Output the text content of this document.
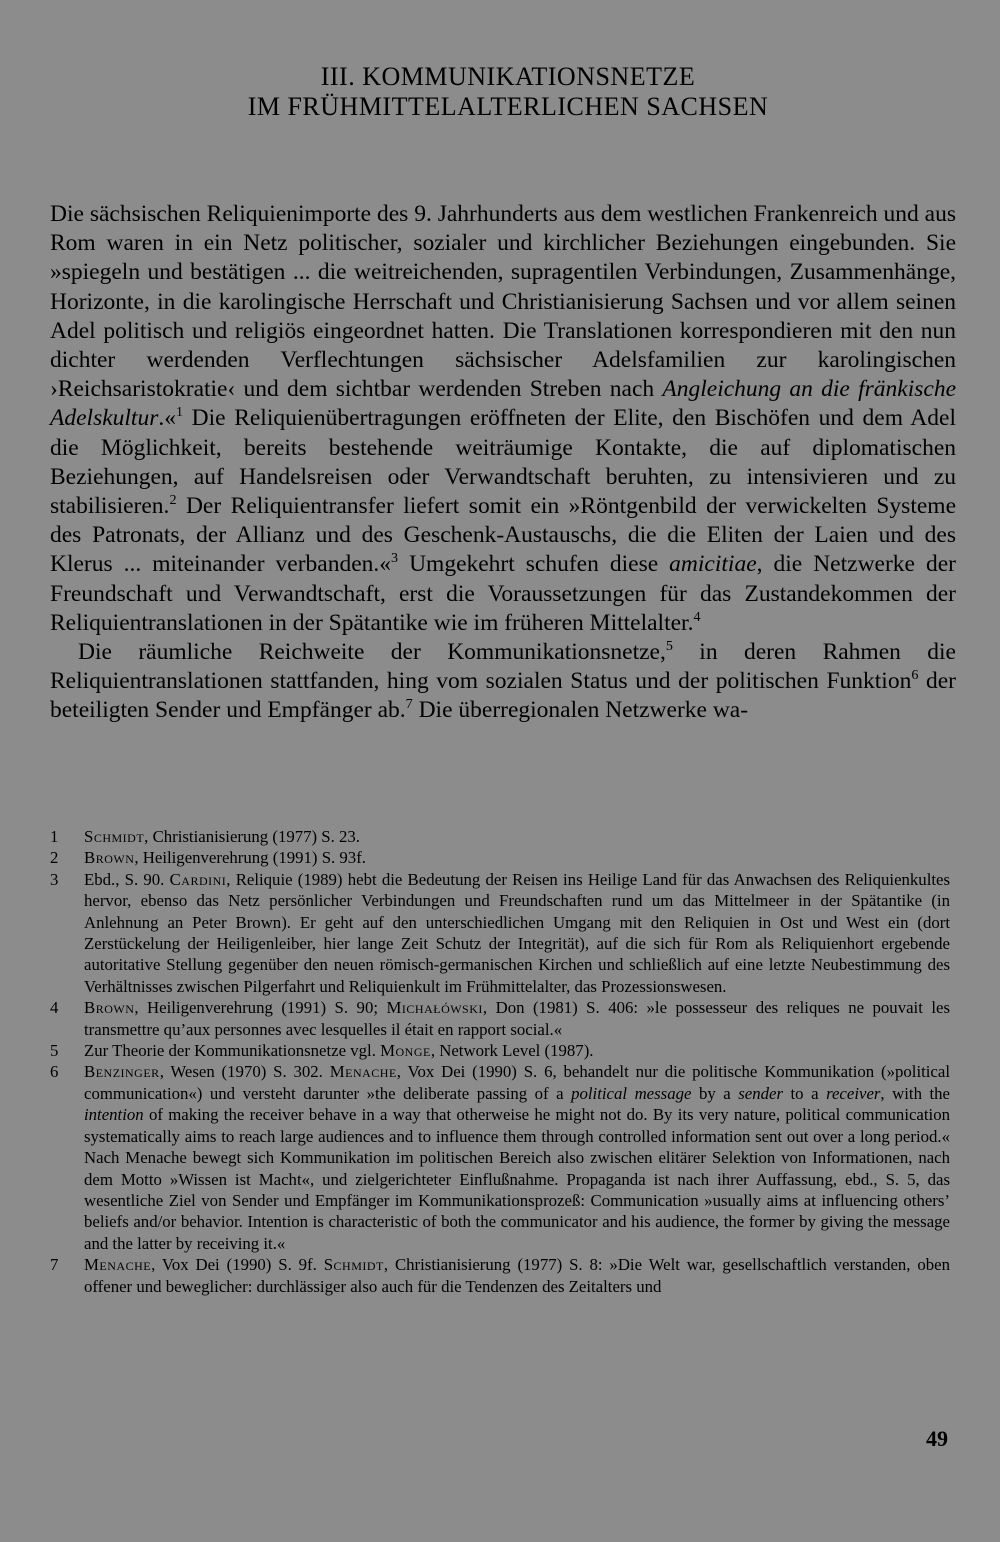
III. KOMMUNIKATIONSNETZE
IM FRÜHMITTELALTERLICHEN SACHSEN

Die sächsischen Reliquienimporte des 9. Jahrhunderts aus dem westlichen Frankenreich und aus Rom waren in ein Netz politischer, sozialer und kirchlicher Beziehungen eingebunden. Sie »spiegeln und bestätigen ... die weitreichenden, supragentilen Verbindungen, Zusammenhänge, Horizonte, in die karolingische Herrschaft und Christianisierung Sachsen und vor allem seinen Adel politisch und religiös eingeordnet hatten. Die Translationen korrespondieren mit den nun dichter werdenden Verflechtungen sächsischer Adelsfamilien zur karolingischen ›Reichsaristokratie‹ und dem sichtbar werdenden Streben nach Angleichung an die fränkische Adelskultur.«$^1$ Die Reliquienübertragungen eröffneten der Elite, den Bischöfen und dem Adel die Möglichkeit, bereits bestehende weiträumige Kontakte, die auf diplomatischen Beziehungen, auf Handelsreisen oder Verwandtschaft beruhten, zu intensivieren und zu stabilisieren.$^2$ Der Reliquientransfer liefert somit ein »Röntgenbild der verwickelten Systeme des Patronats, der Allianz und des Geschenk-Austauschs, die die Eliten der Laien und des Klerus ... miteinander verbanden.«$^3$ Umgekehrt schufen diese amicitiae, die Netzwerke der Freundschaft und Verwandtschaft, erst die Voraussetzungen für das Zustandekommen der Reliquientranslationen in der Spätantike wie im früheren Mittelalter.$^4$

Die räumliche Reichweite der Kommunikationsnetze,$^5$ in deren Rahmen die Reliquientranslationen stattfanden, hing vom sozialen Status und der politischen Funktion$^6$ der beteiligten Sender und Empfänger ab.$^7$ Die überregionalen Netzwerke wa-

1	Schmidt, Christianisierung (1977) S. 23.
2	Brown, Heiligenverehrung (1991) S. 93f.
3	Ebd., S. 90. Cardini, Reliquie (1989) hebt die Bedeutung der Reisen ins Heilige Land für das Anwachsen des Reliquienkultes hervor, ebenso das Netz persönlicher Verbindungen und Freundschaften rund um das Mittelmeer in der Spätantike (in Anlehnung an Peter Brown). Er geht auf den unterschiedlichen Umgang mit den Reliquien in Ost und West ein (dort Zerstückelung der Heiligenleiber, hier lange Zeit Schutz der Integrität), auf die sich für Rom als Reliquienhort ergebende autoritative Stellung gegenüber den neuen römisch-germanischen Kirchen und schließlich auf eine letzte Neubestimmung des Verhältnisses zwischen Pilgerfahrt und Reliquienkult im Frühmittelalter, das Prozessionswesen.
4	Brown, Heiligenverehrung (1991) S. 90; Michałówski, Don (1981) S. 406: »le possesseur des reliques ne pouvait les transmettre qu’aux personnes avec lesquelles il était en rapport social.«
5	Zur Theorie der Kommunikationsnetze vgl. Monge, Network Level (1987).
6	Benzinger, Wesen (1970) S. 302. Menache, Vox Dei (1990) S. 6, behandelt nur die politische Kommunikation (»political communication«) und versteht darunter »the deliberate passing of a political message by a sender to a receiver, with the intention of making the receiver behave in a way that otherweise he might not do. By its very nature, political communication systematically aims to reach large audiences and to influence them through controlled information sent out over a long period.« Nach Menache bewegt sich Kommunikation im politischen Bereich also zwischen elitärer Selektion von Informationen, nach dem Motto »Wissen ist Macht«, und zielgerichteter Einflußnahme. Propaganda ist nach ihrer Auffassung, ebd., S. 5, das wesentliche Ziel von Sender und Empfänger im Kommunikationsprozeß: Communication »usually aims at influencing others’ beliefs and/or behavior. Intention is characteristic of both the communicator and his audience, the former by giving the message and the latter by receiving it.«
7	Menache, Vox Dei (1990) S. 9f. Schmidt, Christianisierung (1977) S. 8: »Die Welt war, gesellschaftlich verstanden, oben offener und beweglicher: durchlässiger also auch für die Tendenzen des Zeitalters und
49
